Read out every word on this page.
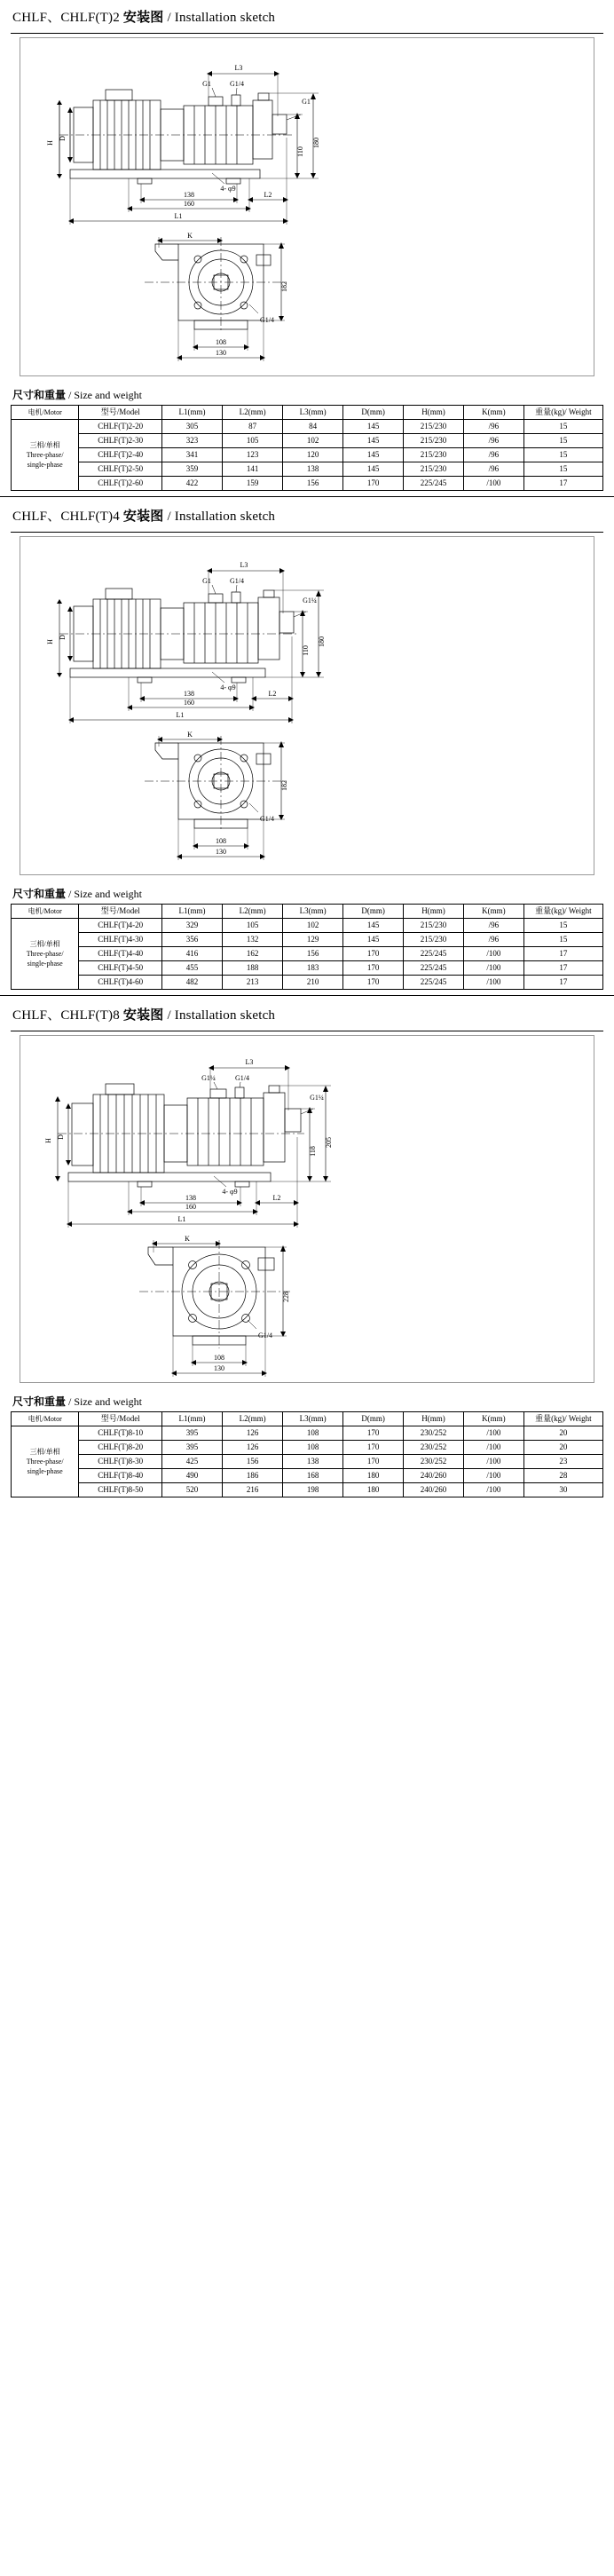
CHLF、CHLF(T)2 安装图 / Installation sketch
H
D	180
110
L3
G1	G1/4
G1
4- φ9
138
160
L1
L2
K
182
G1/4
108
130
尺寸和重量 / Size and weight
电机/Motor	型号/Model	L1(mm)	L2(mm)	L3(mm)	D(mm)	H(mm)	K(mm)	重量(kg)/ Weight

三相/单相
Three-phase/
single-phase	CHLF(T)2-20	305	87	84	145	215/230	/96	15
	CHLF(T)2-30	323	105	102	145	215/230	/96	15
	CHLF(T)2-40	341	123	120	145	215/230	/96	15
	CHLF(T)2-50	359	141	138	145	215/230	/96	15
	CHLF(T)2-60	422	159	156	170	225/245	/100	17
CHLF、CHLF(T)4 安装图 / Installation sketch
H
D	180
110
L3
G1	G1/4
G1¼
4- φ9
138
160
L1
L2
K
182
G1/4
108
130
尺寸和重量 / Size and weight
电机/Motor	型号/Model	L1(mm)	L2(mm)	L3(mm)	D(mm)	H(mm)	K(mm)	重量(kg)/ Weight

三相/单相
Three-phase/
single-phase	CHLF(T)4-20	329	105	102	145	215/230	/96	15
	CHLF(T)4-30	356	132	129	145	215/230	/96	15
	CHLF(T)4-40	416	162	156	170	225/245	/100	17
	CHLF(T)4-50	455	188	183	170	225/245	/100	17
	CHLF(T)4-60	482	213	210	170	225/245	/100	17
CHLF、CHLF(T)8 安装图 / Installation sketch
H
D	205
118
L3
G1¼	G1/4
G1¼
4- φ9
138
160
L1
L2
K
228
G1/4
108
130
尺寸和重量 / Size and weight
电机/Motor	型号/Model	L1(mm)	L2(mm)	L3(mm)	D(mm)	H(mm)	K(mm)	重量(kg)/ Weight

三相/单相
Three-phase/
single-phase	CHLF(T)8-10	395	126	108	170	230/252	/100	20
	CHLF(T)8-20	395	126	108	170	230/252	/100	20
	CHLF(T)8-30	425	156	138	170	230/252	/100	23
	CHLF(T)8-40	490	186	168	180	240/260	/100	28
	CHLF(T)8-50	520	216	198	180	240/260	/100	30
